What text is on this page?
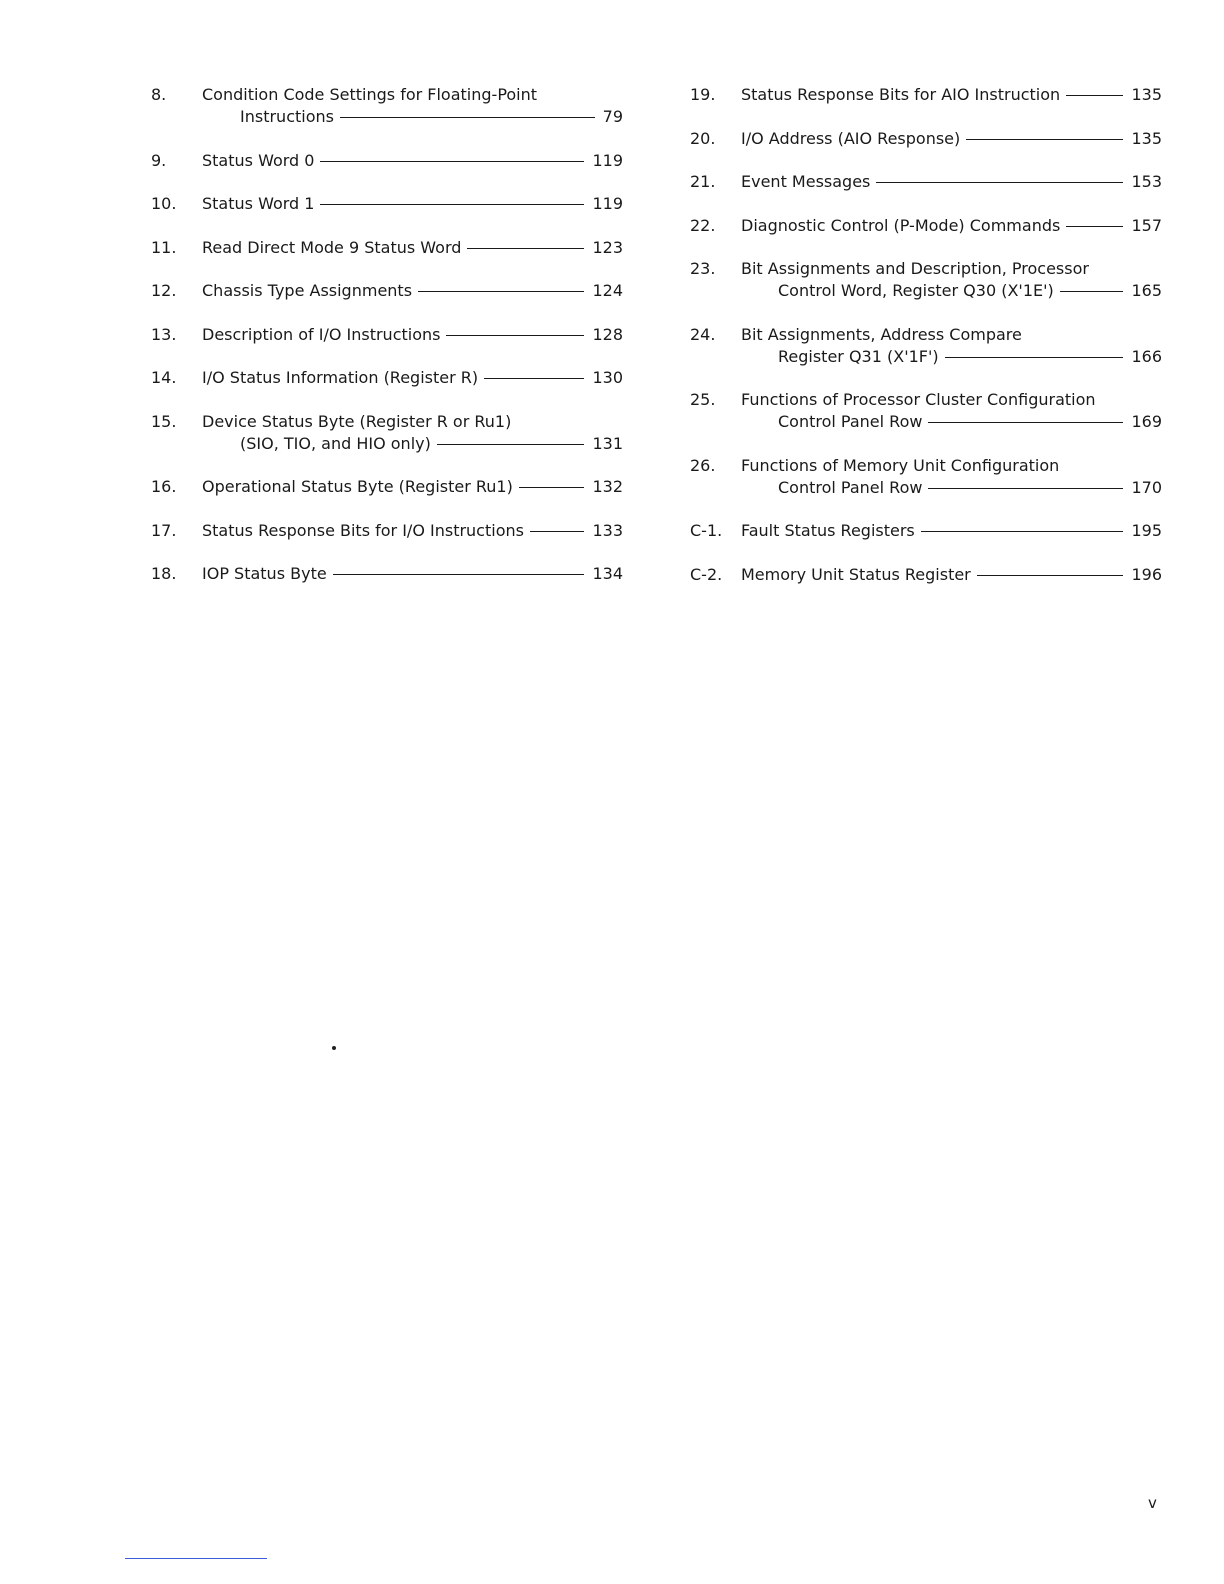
8. Condition Code Settings for Floating-Point
Instructions	79
9. Status Word 0	119
10. Status Word 1	119
11. Read Direct Mode 9 Status Word	123
12. Chassis Type Assignments	124
13. Description of I/O Instructions	128
14. I/O Status Information (Register R)	130
15. Device Status Byte (Register R or Ru1)
(SIO, TIO, and HIO only)	131
16. Operational Status Byte (Register Ru1)	132
17. Status Response Bits for I/O Instructions	133
18. IOP Status Byte	134
19. Status Response Bits for AIO Instruction	135
20. I/O Address (AIO Response)	135
21. Event Messages	153
22. Diagnostic Control (P-Mode) Commands	157
23. Bit Assignments and Description, Processor
Control Word, Register Q30 (X'1E')	165
24. Bit Assignments, Address Compare
Register Q31 (X'1F')	166
25. Functions of Processor Cluster Configuration
Control Panel Row	169
26. Functions of Memory Unit Configuration
Control Panel Row	170
C-1. Fault Status Registers	195
C-2. Memory Unit Status Register	196
v
